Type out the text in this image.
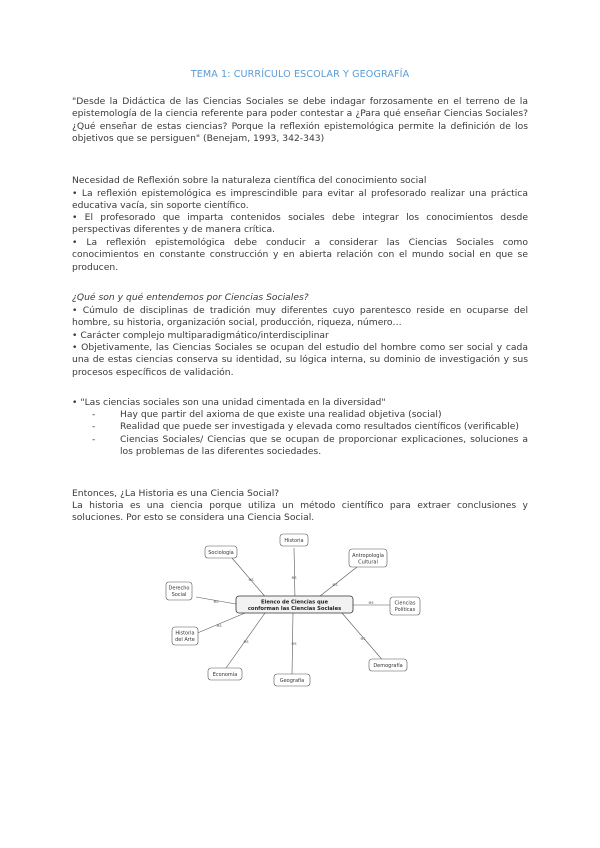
TEMA 1: CURRÍCULO ESCOLAR Y GEOGRAFÍA

"Desde la Didáctica de las Ciencias Sociales se debe indagar forzosamente en el terreno de la epistemología de la ciencia referente para poder contestar a ¿Para qué enseñar Ciencias Sociales? ¿Qué enseñar de estas ciencias? Porque la reflexión epistemológica permite la definición de los objetivos que se persiguen" (Benejam, 1993, 342-343)

Necesidad de Reflexión sobre la naturaleza científica del conocimiento social

• La reflexión epistemológica es imprescindible para evitar al profesorado realizar una práctica educativa vacía, sin soporte científico.

• El profesorado que imparta contenidos sociales debe integrar los conocimientos desde perspectivas diferentes y de manera crítica.

• La reflexión epistemológica debe conducir a considerar las Ciencias Sociales como conocimientos en constante construcción y en abierta relación con el mundo social en que se producen.

¿Qué son y qué entendemos por Ciencias Sociales?

• Cúmulo de disciplinas de tradición muy diferentes cuyo parentesco reside en ocuparse del hombre, su historia, organización social, producción, riqueza, número…

• Carácter complejo multiparadigmático/interdisciplinar

• Objetivamente, las Ciencias Sociales se ocupan del estudio del hombre como ser social y cada una de estas ciencias conserva su identidad, su lógica interna, su dominio de investigación y sus procesos específicos de validación.

• "Las ciencias sociales son una unidad cimentada en la diversidad"

-	Hay que partir del axioma de que existe una realidad objetiva (social)
-	Realidad que puede ser investigada y elevada como resultados científicos (verificable)
-	Ciencias Sociales/ Ciencias que se ocupan de proporcionar explicaciones, soluciones a los problemas de las diferentes sociedades.

Entonces, ¿La Historia es una Ciencia Social?

La historia es una ciencia porque utiliza un método científico para extraer conclusiones y soluciones. Por esto se considera una Ciencia Social.

es
es
es
es	es
es
es
es	es
Elenco de Ciencias que
conforman las Ciencias Sociales
Historia
Sociología	Antropología
Cultural
Derecho
Social
Ciencias
Políticas
Historia
del Arte
Demografía
Economía
Geografía
